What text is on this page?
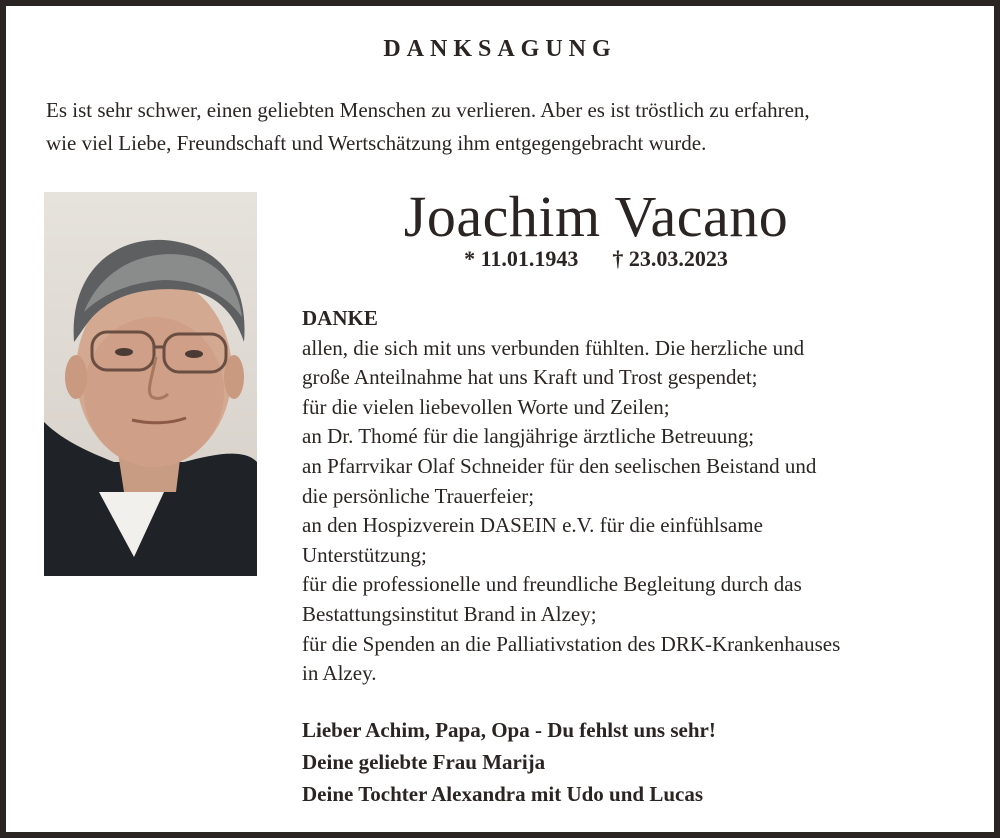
DANKSAGUNG
Es ist sehr schwer, einen geliebten Menschen zu verlieren. Aber es ist tröstlich zu erfahren,
wie viel Liebe, Freundschaft und Wertschätzung ihm entgegengebracht wurde.
Joachim Vacano
* 11.01.1943 † 23.03.2023
DANKE
allen, die sich mit uns verbunden fühlten. Die herzliche und
große Anteilnahme hat uns Kraft und Trost gespendet;
für die vielen liebevollen Worte und Zeilen;
an Dr. Thomé für die langjährige ärztliche Betreuung;
an Pfarrvikar Olaf Schneider für den seelischen Beistand und
die persönliche Trauerfeier;
an den Hospizverein DASEIN e.V. für die einfühlsame
Unterstützung;
für die professionelle und freundliche Begleitung durch das
Bestattungsinstitut Brand in Alzey;
für die Spenden an die Palliativstation des DRK-Krankenhauses
in Alzey.
Lieber Achim, Papa, Opa - Du fehlst uns sehr!
Deine geliebte Frau Marija
Deine Tochter Alexandra mit Udo und Lucas
